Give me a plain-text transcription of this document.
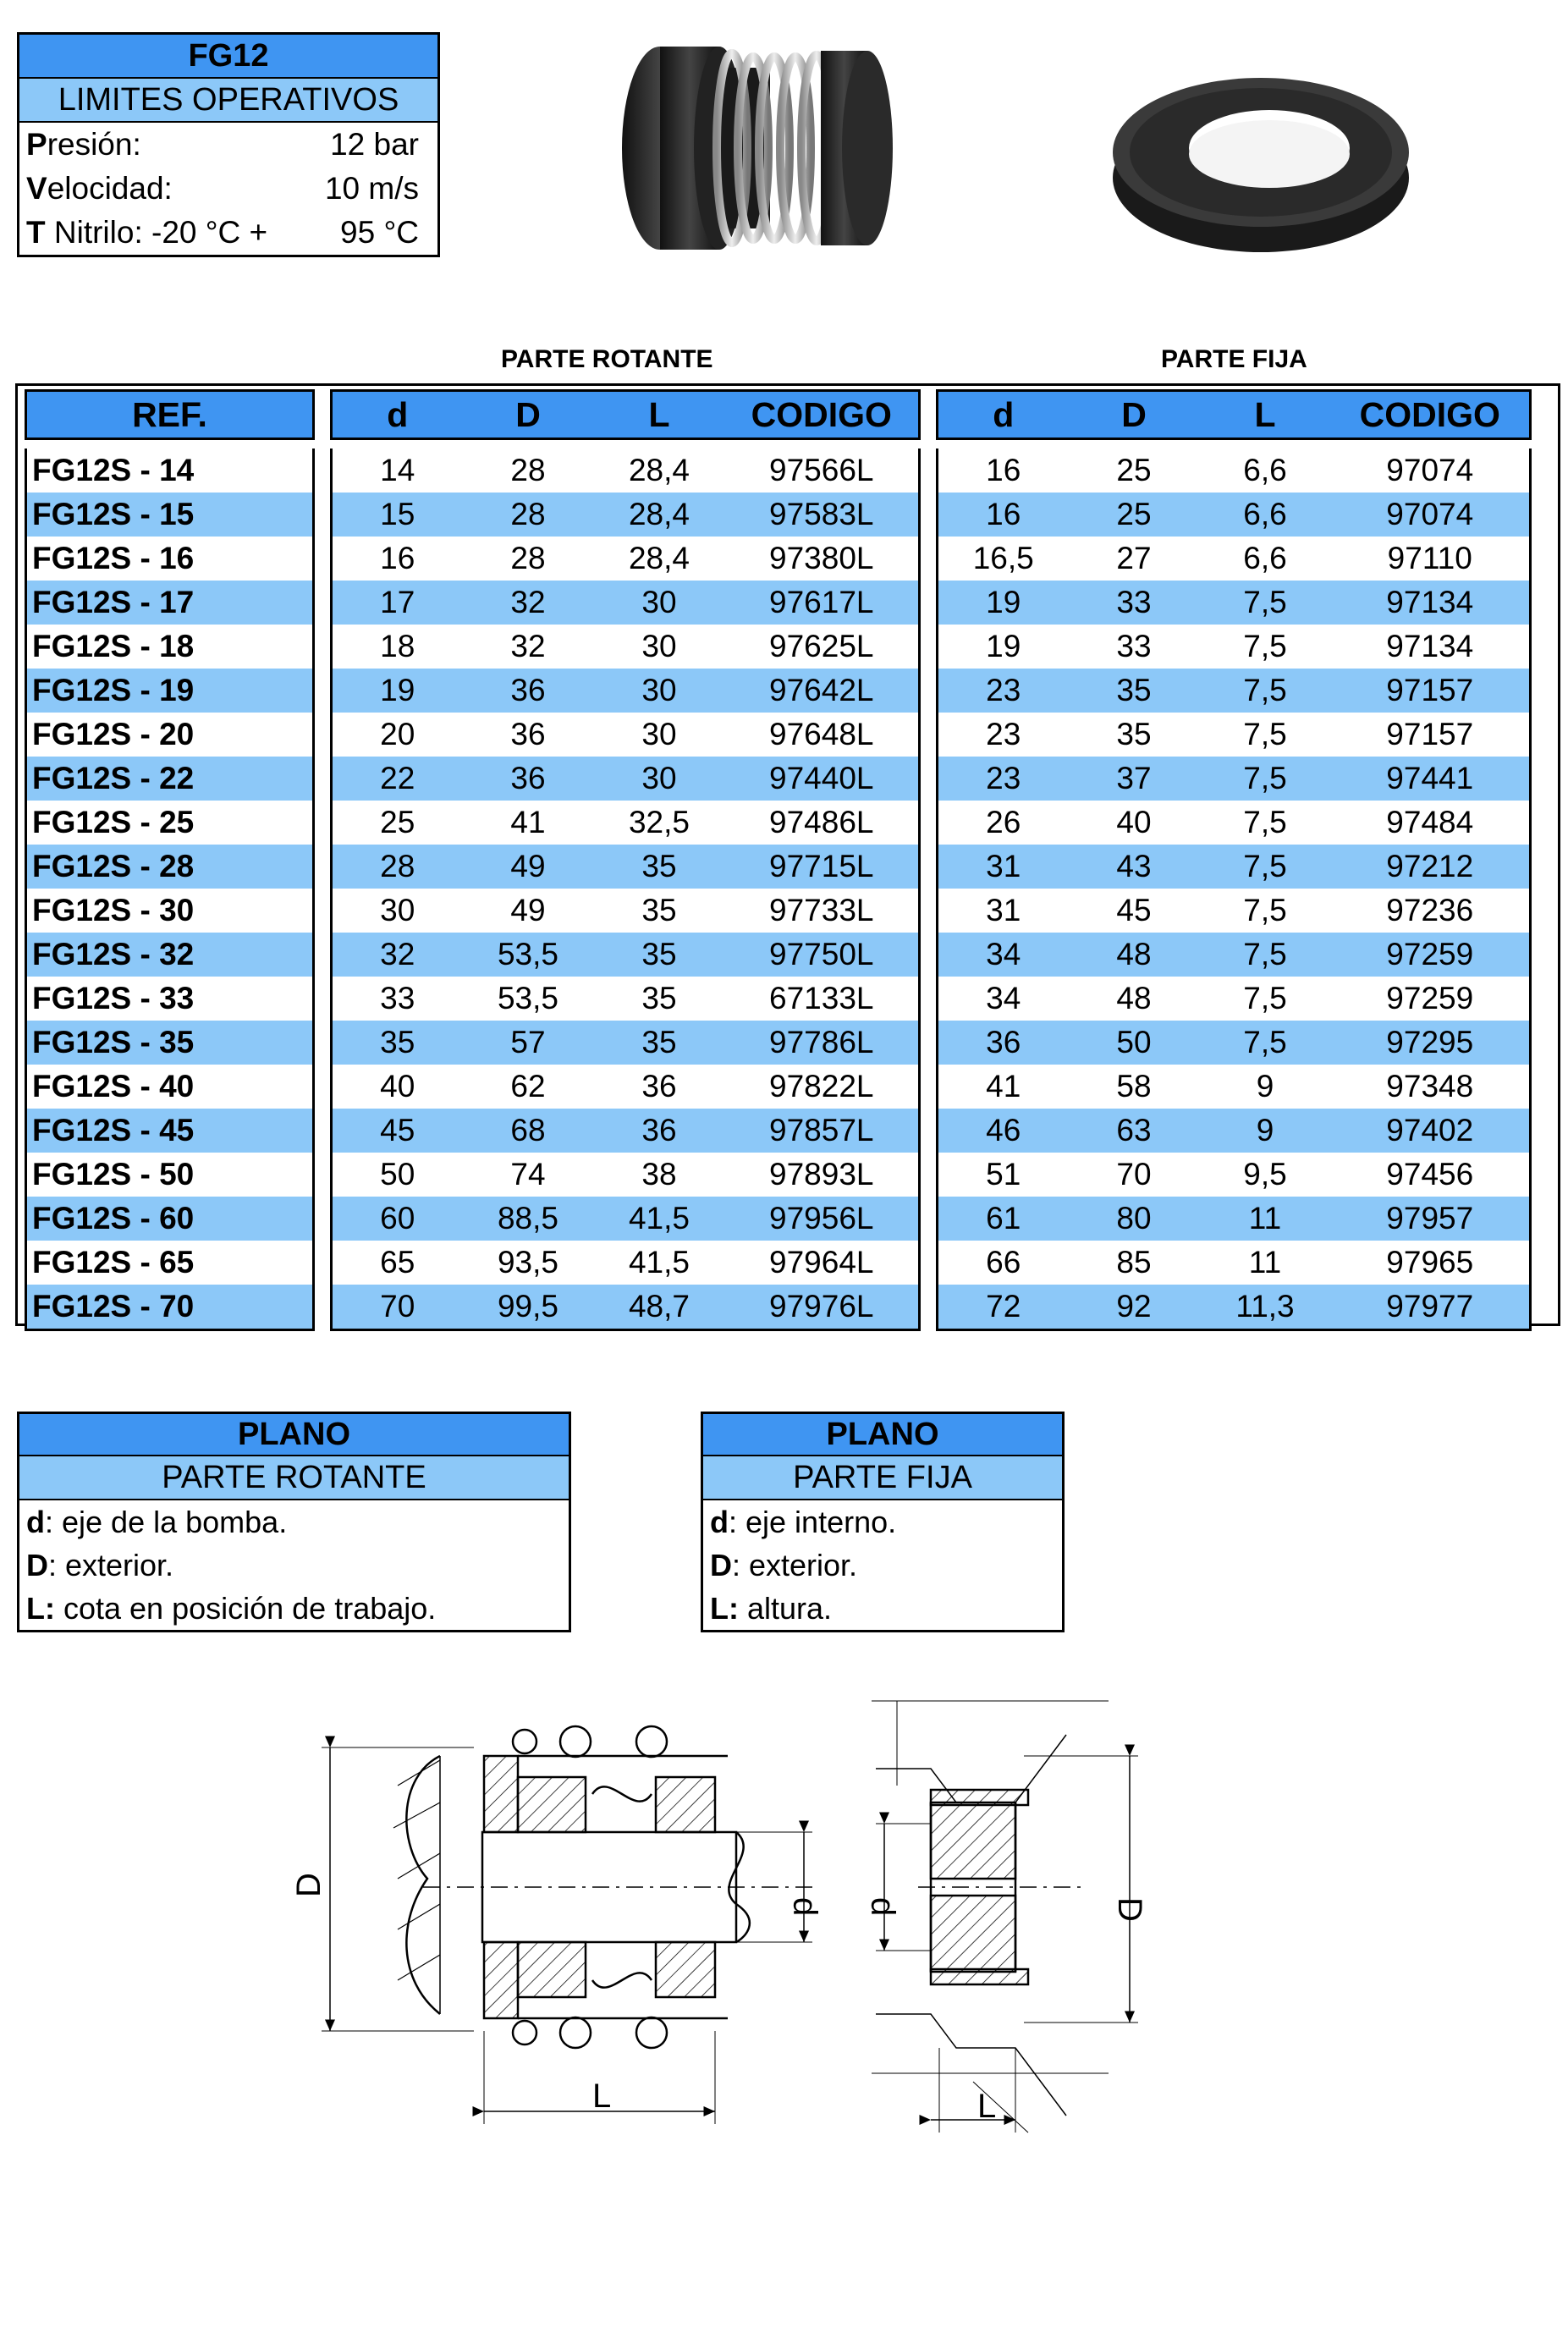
FG12
LIMITES OPERATIVOS
Presión:	12 bar
Velocidad:	10 m/s
T Nitrilo: -20 °C + 95 °C
PARTE ROTANTE	PARTE FIJA
REF.		d	D	L	CODIGO		d	D	L	CODIGO

FG12S - 14		14	28	28,4	97566L		16	25	6,6	97074
FG12S - 15		15	28	28,4	97583L		16	25	6,6	97074
FG12S - 16		16	28	28,4	97380L		16,5	27	6,6	97110
FG12S - 17		17	32	30	97617L		19	33	7,5	97134
FG12S - 18		18	32	30	97625L		19	33	7,5	97134
FG12S - 19		19	36	30	97642L		23	35	7,5	97157
FG12S - 20		20	36	30	97648L		23	35	7,5	97157
FG12S - 22		22	36	30	97440L		23	37	7,5	97441
FG12S - 25		25	41	32,5	97486L		26	40	7,5	97484
FG12S - 28		28	49	35	97715L		31	43	7,5	97212
FG12S - 30		30	49	35	97733L		31	45	7,5	97236
FG12S - 32		32	53,5	35	97750L		34	48	7,5	97259
FG12S - 33		33	53,5	35	67133L		34	48	7,5	97259
FG12S - 35		35	57	35	97786L		36	50	7,5	97295
FG12S - 40		40	62	36	97822L		41	58	9	97348
FG12S - 45		45	68	36	97857L		46	63	9	97402
FG12S - 50		50	74	38	97893L		51	70	9,5	97456
FG12S - 60		60	88,5	41,5	97956L		61	80	11	97957
FG12S - 65		65	93,5	41,5	97964L		66	85	11	97965
FG12S - 70		70	99,5	48,7	97976L		72	92	11,3	97977
PLANO
PARTE ROTANTE
d: eje de la bomba.
D: exterior.
L: cota en posición de trabajo.
PLANO
PARTE FIJA
d: eje interno.
D: exterior.
L: altura.
D
d
L
d	D
L
